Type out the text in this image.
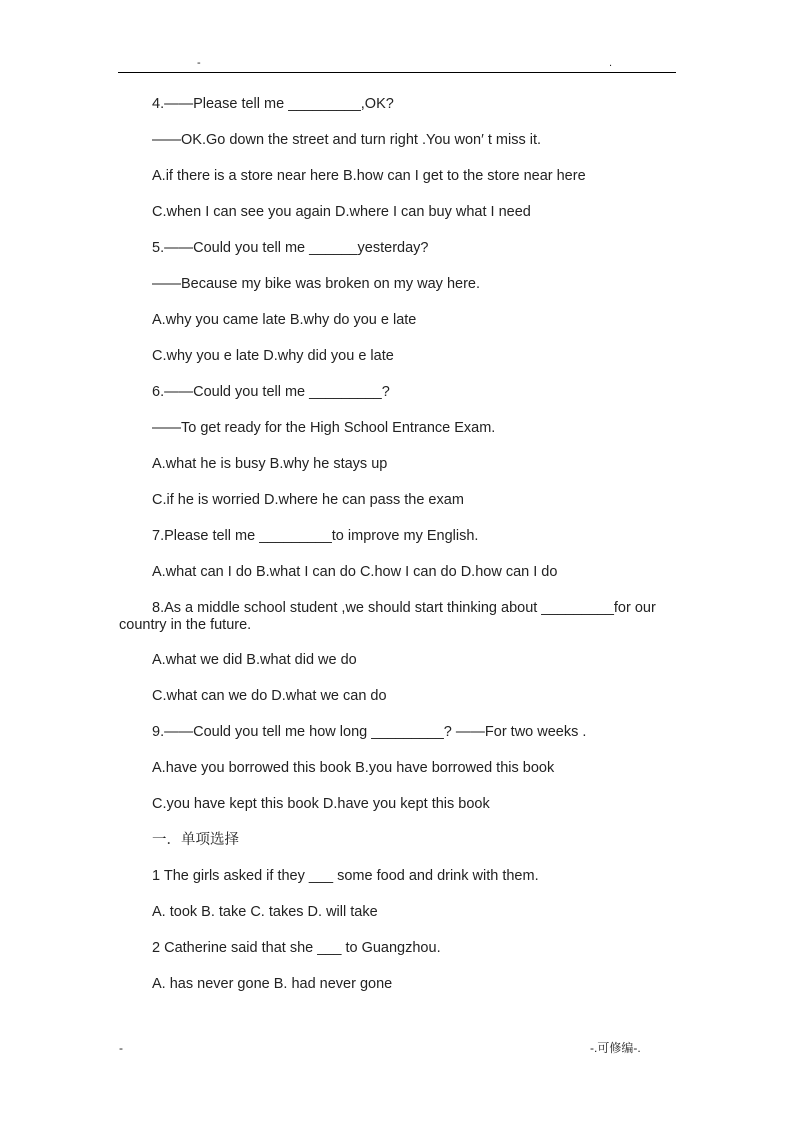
-	.
4.——Please tell me _________,OK?
——OK.Go down the street and turn right .You won′ t miss it.
A.if there is a store near here B.how can I get to the store near here
C.when I can see you again D.where I can buy what I need
5.——Could you tell me ______yesterday?
——Because my bike was broken on my way here.
A.why you came late B.why do you e late
C.why you e late D.why did you e late
6.——Could you tell me _________?
——To get ready for the High School Entrance Exam.
A.what he is busy B.why he stays up
C.if he is worried D.where he can pass the exam
7.Please tell me _________to improve my English.
A.what can I do B.what I can do C.how I can do D.how can I do
8.As a middle school student ,we should start thinking about _________for our country in the future.
A.what we did B.what did we do
C.what can we do D.what we can do
9.——Could you tell me how long _________? ——For two weeks .
A.have you borrowed this book B.you have borrowed this book
C.you have kept this book D.have you kept this book
一．单项选择
1 The girls asked if they ___ some food and drink with them.
A. took B. take C. takes D. will take
2 Catherine said that she ___ to Guangzhou.
A. has never gone B. had never gone
-	-.可修编-.
